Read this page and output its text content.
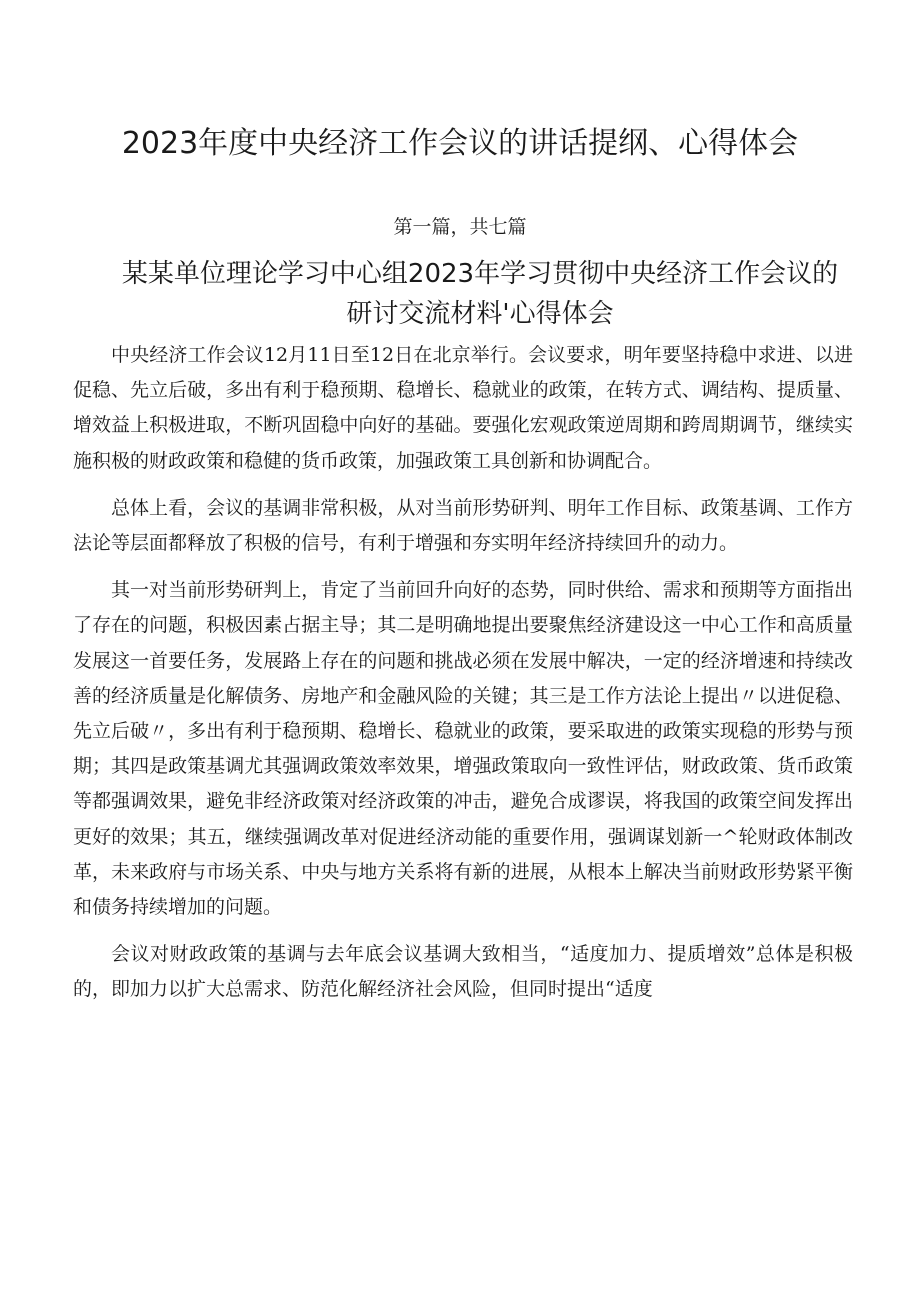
2023年度中央经济工作会议的讲话提纲、心得体会
第一篇，共七篇
某某单位理论学习中心组2023年学习贯彻中央经济工作会议的
研讨交流材料'心得体会

中央经济工作会议12月11日至12日在北京举行。会议要求，明年要坚持稳中求进、以进促稳、先立后破，多出有利于稳预期、稳增长、稳就业的政策，在转方式、调结构、提质量、增效益上积极进取，不断巩固稳中向好的基础。要强化宏观政策逆周期和跨周期调节，继续实施积极的财政政策和稳健的货币政策，加强政策工具创新和协调配合。

总体上看，会议的基调非常积极，从对当前形势研判、明年工作目标、政策基调、工作方法论等层面都释放了积极的信号，有利于增强和夯实明年经济持续回升的动力。

其一对当前形势研判上，肯定了当前回升向好的态势，同时供给、需求和预期等方面指出了存在的问题，积极因素占据主导；其二是明确地提出要聚焦经济建设这一中心工作和高质量发展这一首要任务，发展路上存在的问题和挑战必须在发展中解决，一定的经济增速和持续改善的经济质量是化解债务、房地产和金融风险的关键；其三是工作方法论上提出〃以进促稳、先立后破〃，多出有利于稳预期、稳增长、稳就业的政策，要采取进的政策实现稳的形势与预期；其四是政策基调尤其强调政策效率效果，增强政策取向一致性评估，财政政策、货币政策等都强调效果，避免非经济政策对经济政策的冲击，避免合成谬误，将我国的政策空间发挥出更好的效果；其五，继续强调改革对促进经济动能的重要作用，强调谋划新一^轮财政体制改革，未来政府与市场关系、中央与地方关系将有新的进展，从根本上解决当前财政形势紧平衡和债务持续增加的问题。

会议对财政政策的基调与去年底会议基调大致相当，“适度加力、提质增效”总体是积极的，即加力以扩大总需求、防范化解经济社会风险，但同时提出“适度
